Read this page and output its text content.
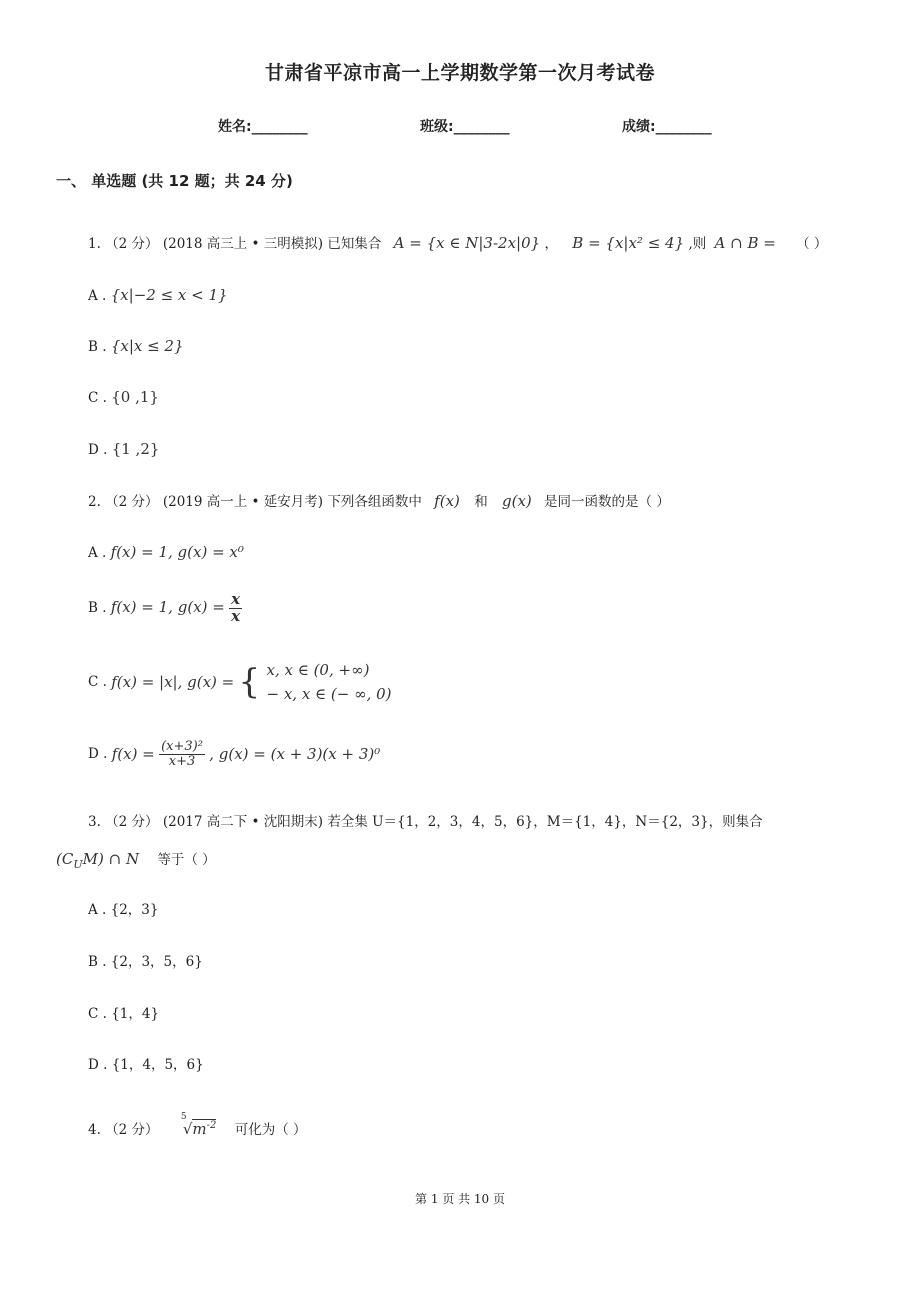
甘肃省平凉市高一上学期数学第一次月考试卷
姓名:________	班级:________	成绩:________
一、 单选题 (共 12 题；共 24 分)
1. （2 分） (2018 高三上 • 三明模拟) 已知集合 A = {x ∈ N|3-2x|0} ， B = {x|x² ≤ 4} ,则 A ∩ B = （ ）
A . {x|−2 ≤ x < 1}
B . {x|x ≤ 2}
C . {0 ,1}
D . {1 ,2}
2. （2 分） (2019 高一上 • 延安月考) 下列各组函数中 f(x) 和 g(x) 是同一函数的是（ ）
A . f(x) = 1, g(x) = x⁰
B . f(x) = 1, $g(x) = \frac{x}{x}$
C . f(x) = |x|, g(x) = { x, x ∈ (0, +∞)
− x, x ∈ (− ∞, 0)
D . $f(x) = \frac{\text{(x+3)²}}{x+3}$ , g(x) = (x + 3)(x + 3)⁰
3. （2 分） (2017 高二下 • 沈阳期末) 若全集 U＝{1，2，3，4，5，6}，M＝{1，4}，N＝{2，3}，则集合
$(C_UM)$ ∩ N 等于（ ）
A . {2，3}
B . {2，3，5，6}
C . {1，4}
D . {1，4，5，6}
4. （2 分）
5
$√m^{-2}$ 可化为（ ）
第 1 页 共 10 页
